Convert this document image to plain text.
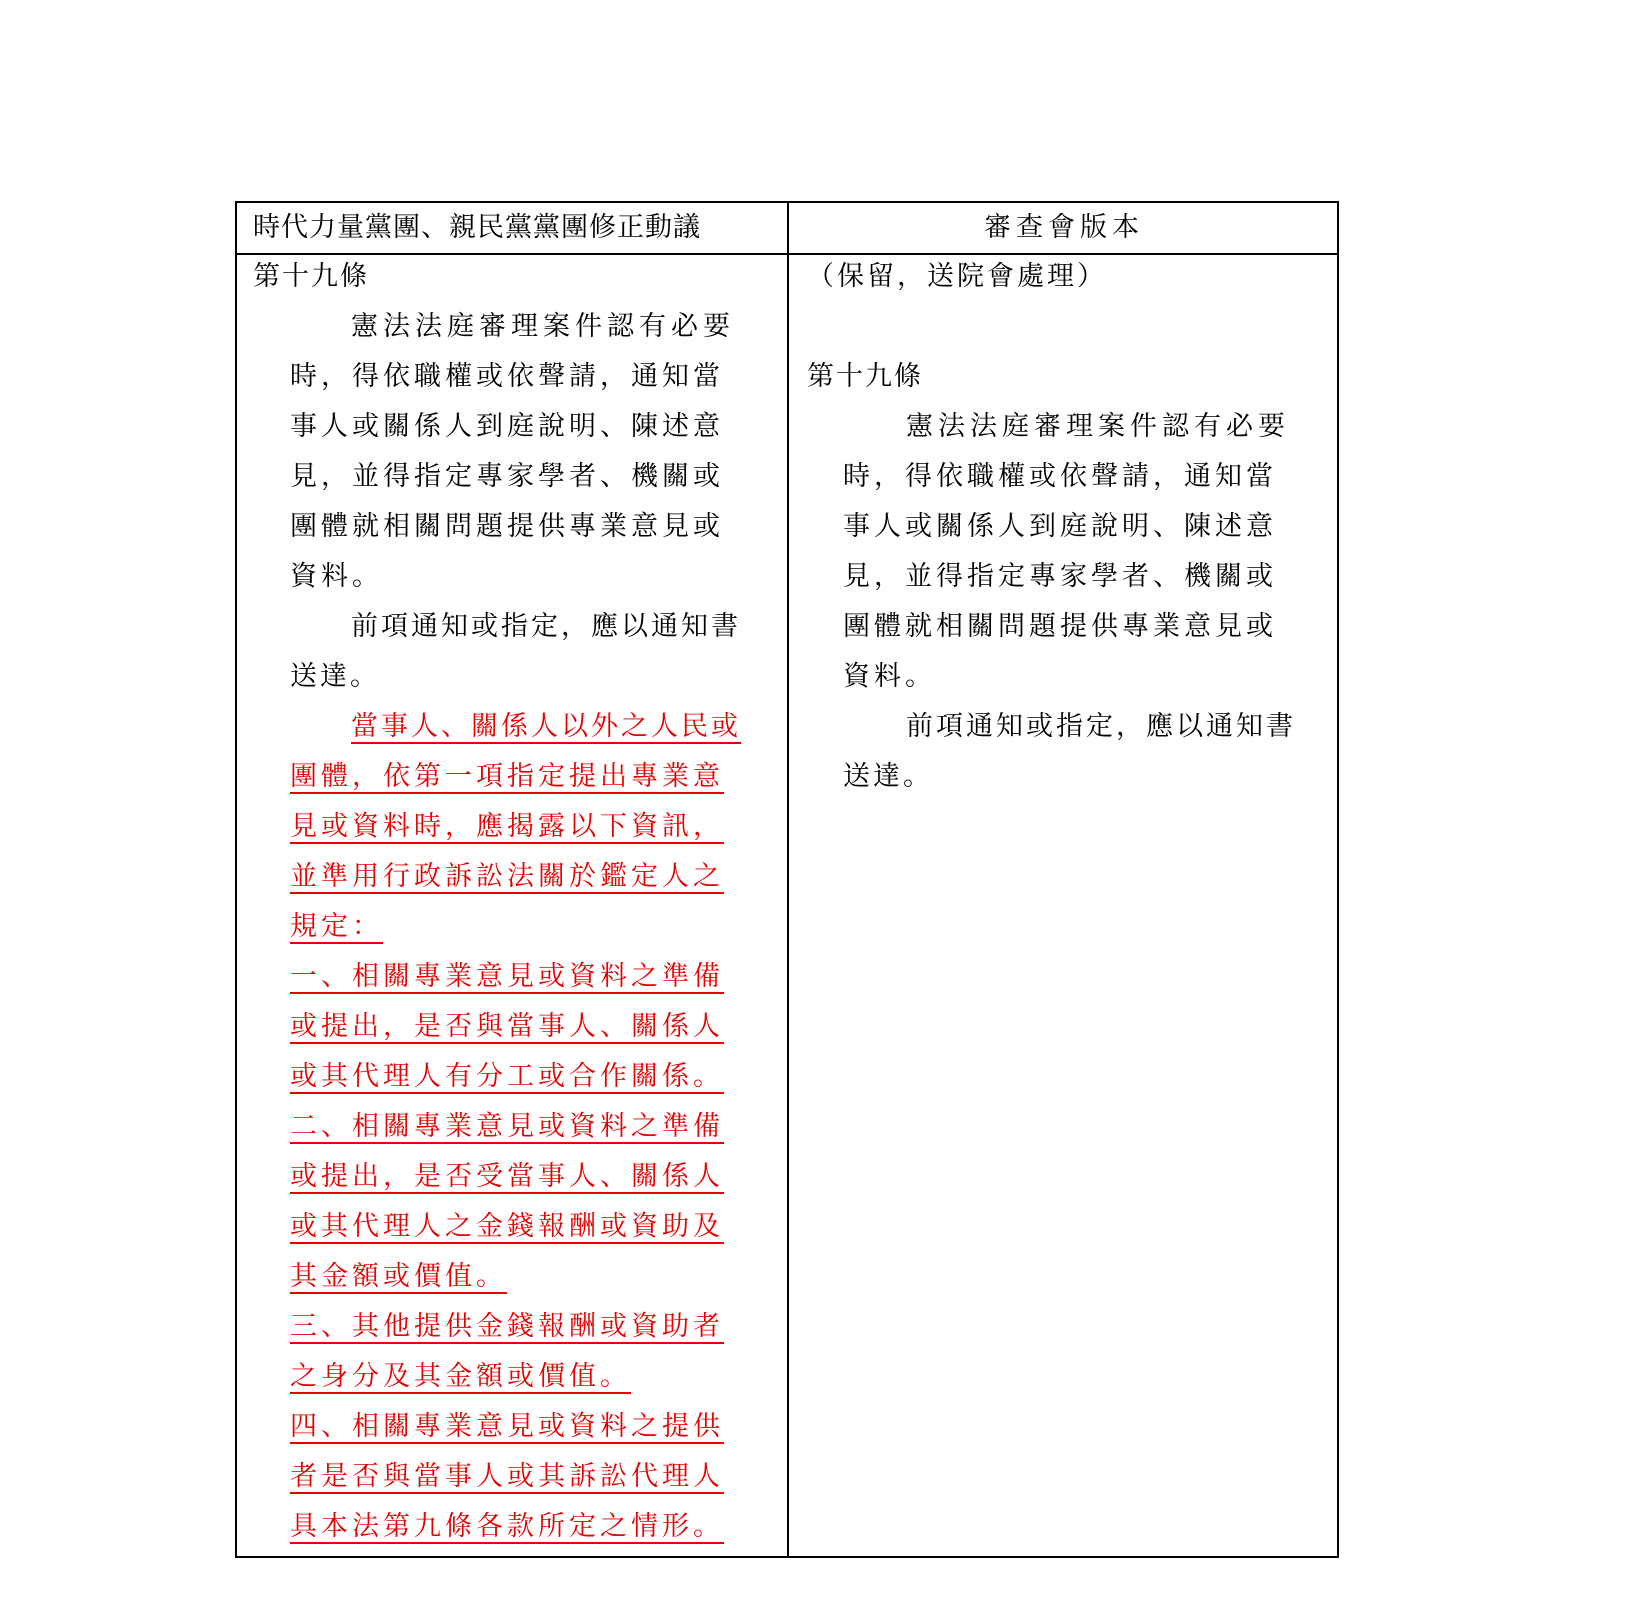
時代力量黨團、親民黨黨團修正動議	審查會版本
第十九條
憲法法庭審理案件認有必要
時，得依職權或依聲請，通知當
事人或關係人到庭說明、陳述意
見，並得指定專家學者、機關或
團體就相關問題提供專業意見或
資料。
前項通知或指定，應以通知書
送達。
當事人、關係人以外之人民或
團體，依第一項指定提出專業意
見或資料時，應揭露以下資訊，
並準用行政訴訟法關於鑑定人之
規定：
一、相關專業意見或資料之準備
或提出，是否與當事人、關係人
或其代理人有分工或合作關係。
二、相關專業意見或資料之準備
或提出，是否受當事人、關係人
或其代理人之金錢報酬或資助及
其金額或價值。
三、其他提供金錢報酬或資助者
之身分及其金額或價值。
四、相關專業意見或資料之提供
者是否與當事人或其訴訟代理人
具本法第九條各款所定之情形。
（保留，送院會處理）
第十九條
憲法法庭審理案件認有必要
時，得依職權或依聲請，通知當
事人或關係人到庭說明、陳述意
見，並得指定專家學者、機關或
團體就相關問題提供專業意見或
資料。
前項通知或指定，應以通知書
送達。
